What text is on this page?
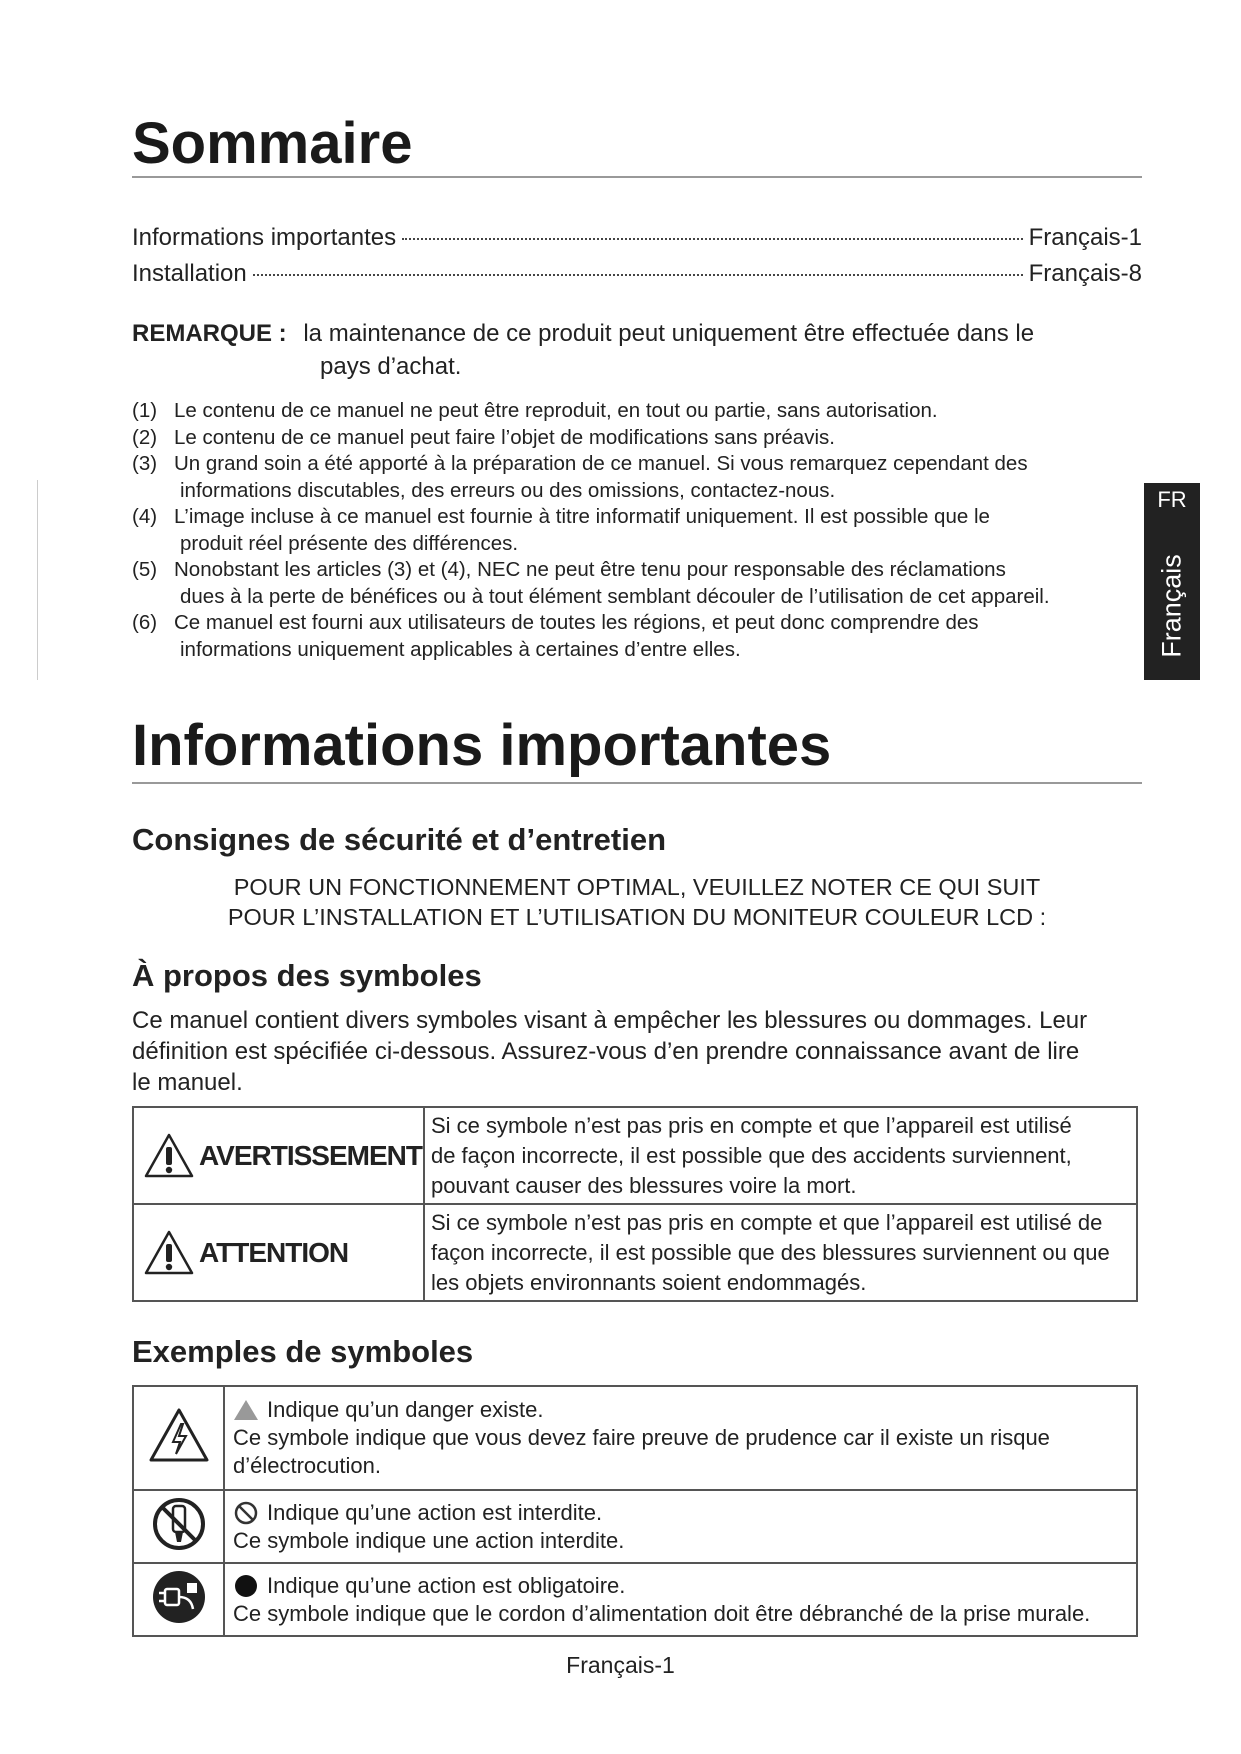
Sommaire
Informations importantes	Français-1
Installation	Français-8
REMARQUE : la maintenance de ce produit peut uniquement être effectuée dans le
pays d’achat.
(1) Le contenu de ce manuel ne peut être reproduit, en tout ou partie, sans autorisation.
(2) Le contenu de ce manuel peut faire l’objet de modifications sans préavis.
(3) Un grand soin a été apporté à la préparation de ce manuel. Si vous remarquez cependant des
informations discutables, des erreurs ou des omissions, contactez-nous.
(4) L’image incluse à ce manuel est fournie à titre informatif uniquement. Il est possible que le
produit réel présente des différences.
(5) Nonobstant les articles (3) et (4), NEC ne peut être tenu pour responsable des réclamations
dues à la perte de bénéfices ou à tout élément semblant découler de l’utilisation de cet appareil.
(6) Ce manuel est fourni aux utilisateurs de toutes les régions, et peut donc comprendre des
informations uniquement applicables à certaines d’entre elles.
FR
Français
Informations importantes
Consignes de sécurité et d’entretien
POUR UN FONCTIONNEMENT OPTIMAL, VEUILLEZ NOTER CE QUI SUIT
POUR L’INSTALLATION ET L’UTILISATION DU MONITEUR COULEUR LCD :
À propos des symboles
Ce manuel contient divers symboles visant à empêcher les blessures ou dommages. Leur
définition est spécifiée ci-dessous. Assurez-vous d’en prendre connaissance avant de lire
le manuel.
AVERTISSEMENT	Si ce symbole n’est pas pris en compte et que l’appareil est utilisé
de façon incorrecte, il est possible que des accidents surviennent,
pouvant causer des blessures voire la mort.

ATTENTION	Si ce symbole n’est pas pris en compte et que l’appareil est utilisé de
façon incorrecte, il est possible que des blessures surviennent ou que
les objets environnants soient endommagés.
Exemples de symboles

Indique qu’un danger existe.
Ce symbole indique que vous devez faire preuve de prudence car il existe un risque
d’électrocution.

Indique qu’une action est interdite.
Ce symbole indique une action interdite.

Indique qu’une action est obligatoire.
Ce symbole indique que le cordon d’alimentation doit être débranché de la prise murale.
Français-1
